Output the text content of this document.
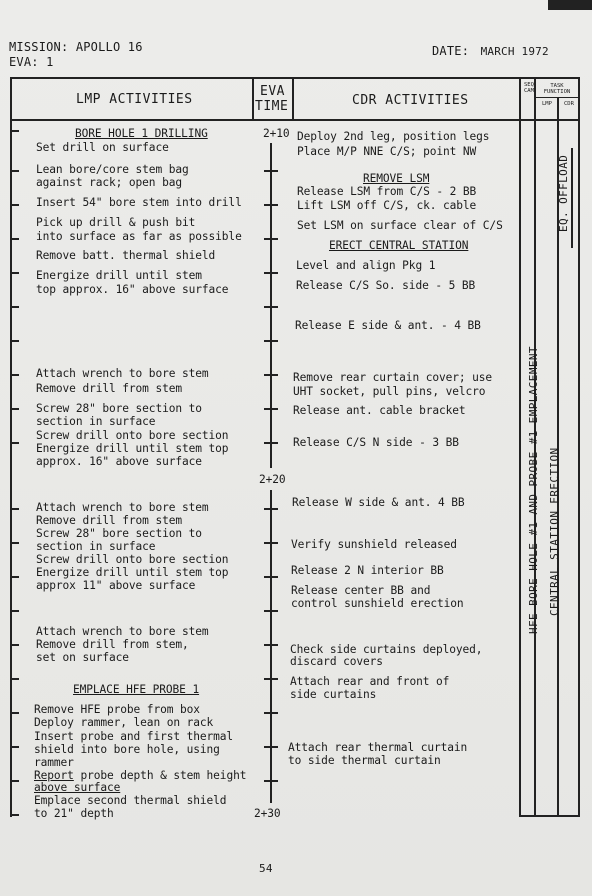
MISSION: APOLLO 16
EVA: 1
DATE: MARCH 1972
LMP ACTIVITIES
EVA
TIME	CDR ACTIVITIES
SEQ CAM
TASK FUNCTION
LMP CDR
2+10
2+20
2+30
BORE HOLE 1 DRILLING
Set drill on surface
Lean bore/core stem bag
against rack; open bag
Insert 54" bore stem into drill
Pick up drill & push bit
into surface as far as possible
Remove batt. thermal shield
Energize drill until stem
top approx. 16" above surface
Attach wrench to bore stem
Remove drill from stem
Screw 28" bore section to
section in surface
Screw drill onto bore section
Energize drill until stem top
approx. 16" above surface
Attach wrench to bore stem
Remove drill from stem
Screw 28" bore section to
section in surface
Screw drill onto bore section
Energize drill until stem top
approx 11" above surface
Attach wrench to bore stem
Remove drill from stem,
set on surface
EMPLACE HFE PROBE 1
Remove HFE probe from box
Deploy rammer, lean on rack
Insert probe and first thermal
shield into bore hole, using
rammer
Report probe depth & stem height
above surface
Emplace second thermal shield
to 21" depth
Deploy 2nd leg, position legs
Place M/P NNE C/S; point NW
REMOVE LSM
Release LSM from C/S - 2 BB
Lift LSM off C/S, ck. cable
Set LSM on surface clear of C/S
ERECT CENTRAL STATION
Level and align Pkg 1
Release C/S So. side - 5 BB
Release E side & ant. - 4 BB
Remove rear curtain cover; use
UHT socket, pull pins, velcro
Release ant. cable bracket
Release C/S N side - 3 BB
Release W side & ant. 4 BB
Verify sunshield released
Release 2 N interior BB
Release center BB and
control sunshield erection
Check side curtains deployed,
discard covers
Attach rear and front of
side curtains
Attach rear thermal curtain
to side thermal curtain
EQ. OFFLOAD
HFE BORE HOLE #1 AND PROBE #1 EMPLACEMENT CENTRAL STATION ERECTION
54
